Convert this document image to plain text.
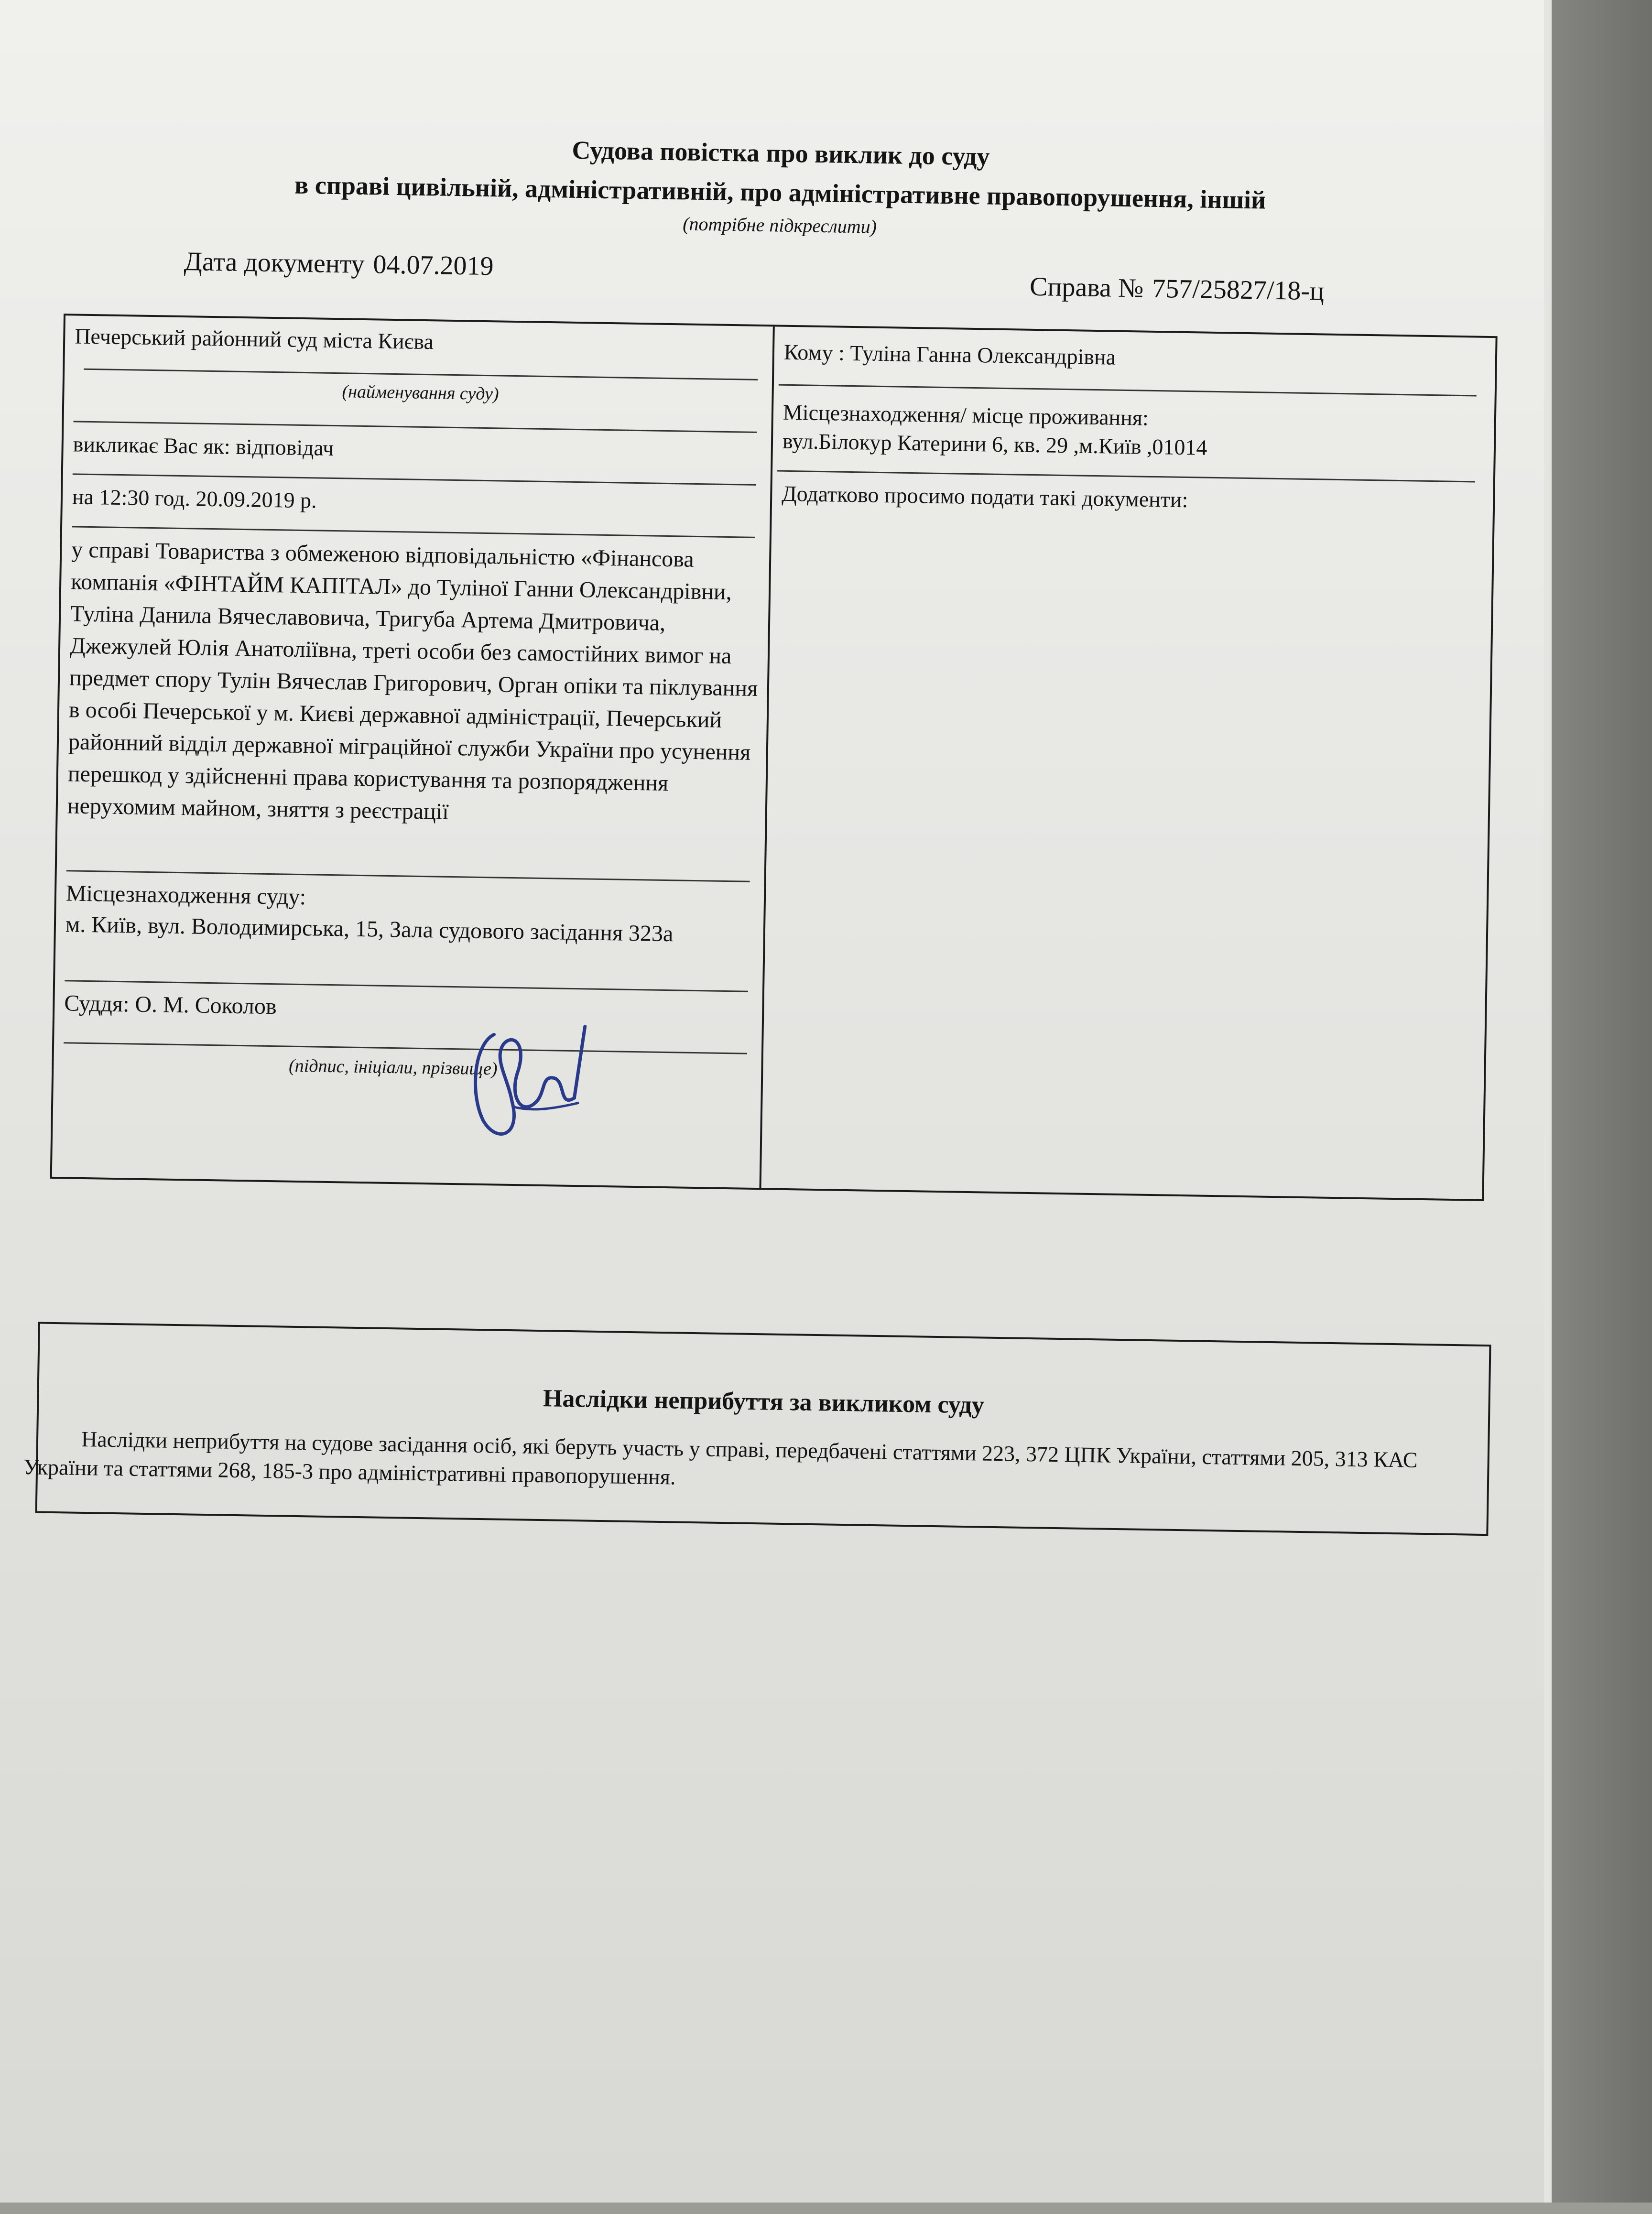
Судова повістка про виклик до суду
в справі цивільній, адміністративній, про адміністративне правопорушення, іншій
(потрібне підкреслити)
Дата документу 04.07.2019
Справа № 757/25827/18-ц
Печерський районний суд міста Києва
(найменування суду)
викликає Вас як: відповідач
на 12:30 год. 20.09.2019 р.
у справі Товариства з обмеженою відповідальністю «Фінансова компанія «ФІНТАЙМ КАПІТАЛ» до Туліної Ганни Олександрівни, Туліна Данила Вячеславовича, Тригуба Артема Дмитровича, Джежулей Юлія Анатоліївна, треті особи без самостійних вимог на предмет спору Тулін Вячеслав Григорович, Орган опіки та піклування в особі Печерської у м. Києві державної адміністрації, Печерський районний відділ державної міграційної служби України про усунення перешкод у здійсненні права користування та розпорядження нерухомим майном, зняття з реєстрації
Місцезнаходження суду:
м. Київ, вул. Володимирська, 15, Зала судового засідання 323а
Суддя: О. М. Соколов
(підпис, ініціали, прізвище)
Кому : Туліна Ганна Олександрівна
Місцезнаходження/ місце проживання:
вул.Білокур Катерини 6, кв. 29 ,м.Київ ,01014
Додатково просимо подати такі документи:
Наслідки неприбуття за викликом суду
Наслідки неприбуття на судове засідання осіб, які беруть участь у справі, передбачені статтями 223, 372 ЦПК України, статтями 205, 313 КАС України та статтями 268, 185-3 про адміністративні правопорушення.
